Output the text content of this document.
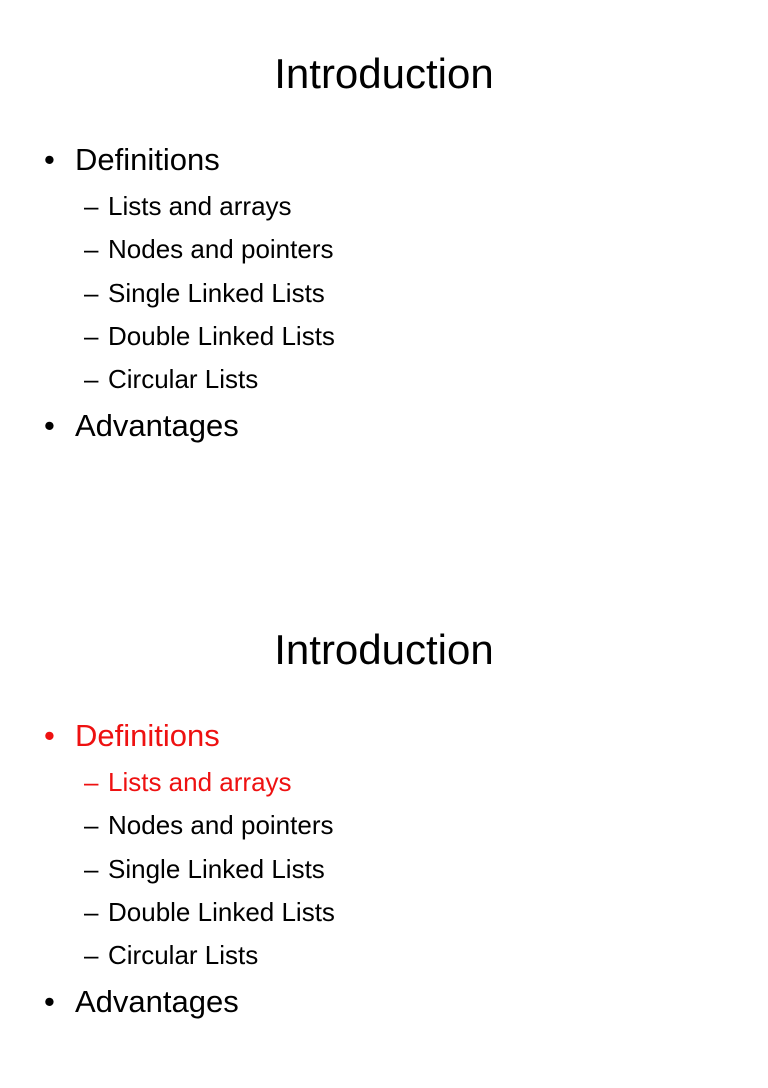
Introduction
• Definitions
– Lists and arrays
– Nodes and pointers
– Single Linked Lists
– Double Linked Lists
– Circular Lists
• Advantages
Introduction
• Definitions
– Lists and arrays
– Nodes and pointers
– Single Linked Lists
– Double Linked Lists
– Circular Lists
• Advantages
